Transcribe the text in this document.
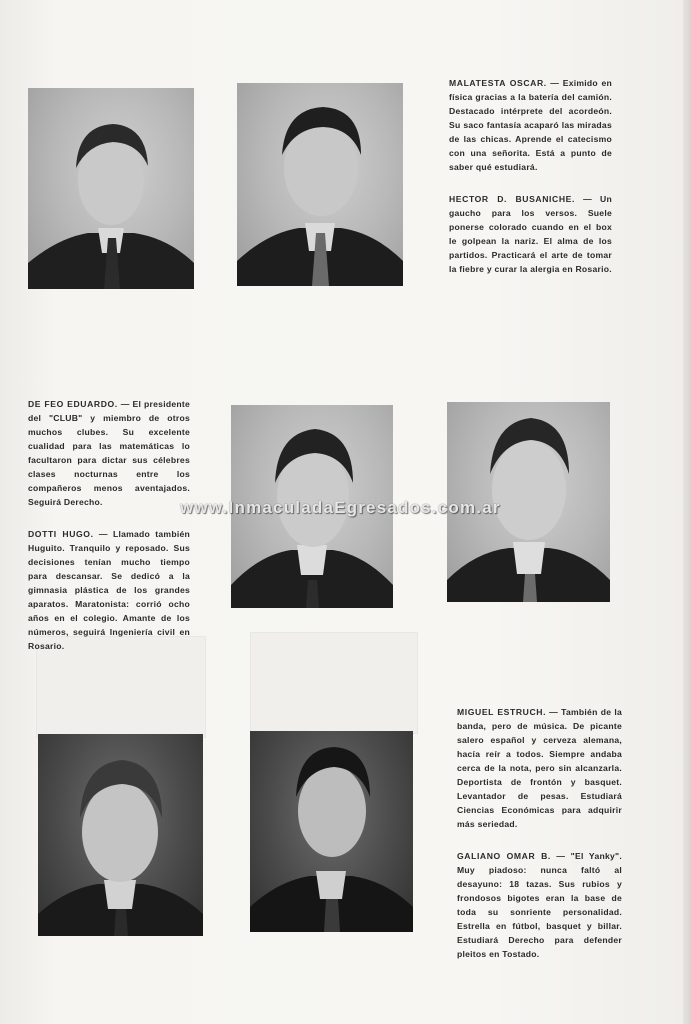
MALATESTA OSCAR. — Eximido en física gracias a la batería del camión. Destacado intérprete del acordeón. Su saco fantasía acaparó las miradas de las chicas. Aprende el catecismo con una señorita. Está a punto de saber qué estudiará.

HECTOR D. BUSANICHE. — Un gaucho para los versos. Suele ponerse colorado cuando en el box le golpean la nariz. El alma de los partidos. Practicará el arte de tomar la fiebre y curar la alergia en Rosario.

DE FEO EDUARDO. — El presidente del "CLUB" y miembro de otros muchos clubes. Su excelente cualidad para las matemáticas lo facultaron para dictar sus célebres clases nocturnas entre los compañeros menos aventajados. Seguirá Derecho.

DOTTI HUGO. — Llamado también Huguito. Tranquilo y reposado. Sus decisiones tenían mucho tiempo para descansar. Se dedicó a la gimnasia plástica de los grandes aparatos. Maratonista: corrió ocho años en el colegio. Amante de los números, seguirá Ingeniería civil en Rosario.

MIGUEL ESTRUCH. — También de la banda, pero de música. De picante salero español y cerveza alemana, hacía reír a todos. Siempre andaba cerca de la nota, pero sin alcanzarla. Deportista de frontón y basquet. Levantador de pesas. Estudiará Ciencias Económicas para adquirir más seriedad.

GALIANO OMAR B. — "El Yanky". Muy piadoso: nunca faltó al desayuno: 18 tazas. Sus rubios y frondosos bigotes eran la base de toda su sonriente personalidad. Estrella en fútbol, basquet y billar. Estudiará Derecho para defender pleitos en Tostado.

www.InmaculadaEgresados.com.ar
